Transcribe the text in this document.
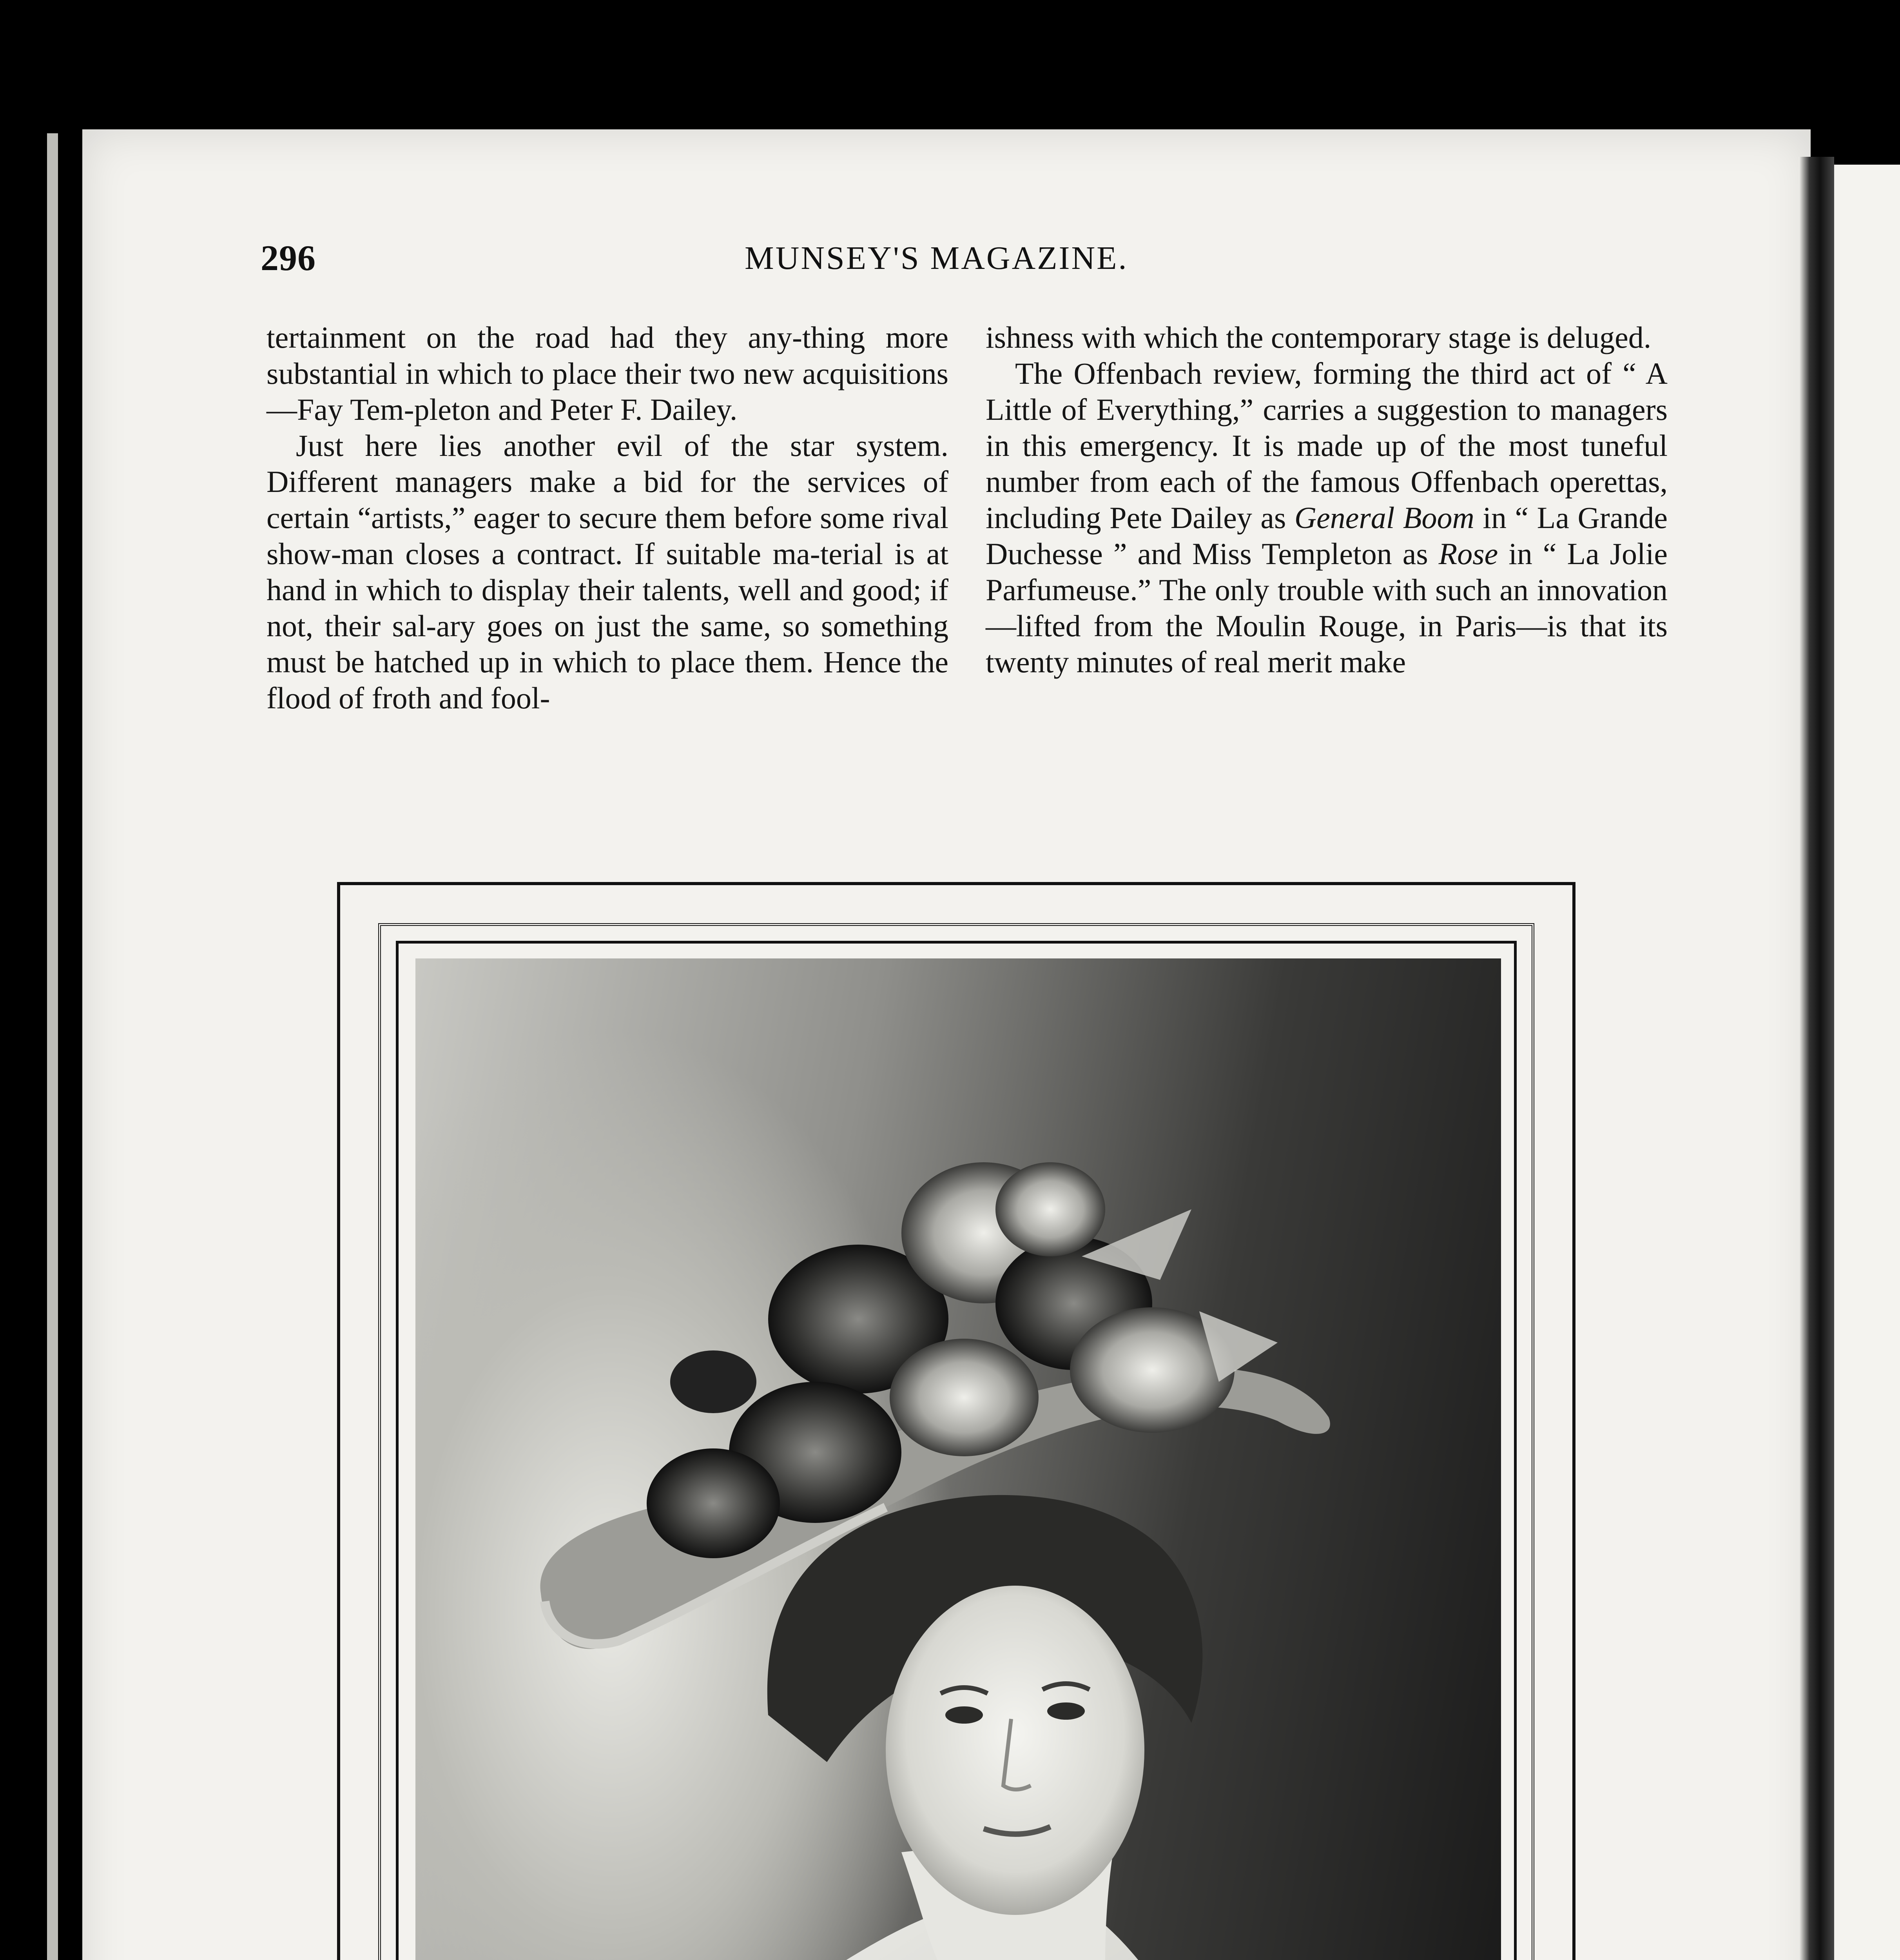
296	MUNSEY'S MAGAZINE.

tertainment on the road had they any-thing more substantial in which to place their two new acquisitions—Fay Tem-pleton and Peter F. Dailey.

Just here lies another evil of the star system. Different managers make a bid for the services of certain “artists,” eager to secure them before some rival show-man closes a contract. If suitable ma-terial is at hand in which to display their talents, well and good; if not, their sal-ary goes on just the same, so something must be hatched up in which to place them. Hence the flood of froth and fool-

ishness with which the contemporary stage is deluged.

The Offenbach review, forming the third act of “ A Little of Everything,” carries a suggestion to managers in this emergency. It is made up of the most tuneful number from each of the famous Offenbach operettas, including Pete Dailey as General Boom in “ La Grande Duchesse ” and Miss Templeton as Rose in “ La Jolie Parfumeuse.” The only trouble with such an innovation—lifted from the Moulin Rouge, in Paris—is that its twenty minutes of real merit make
